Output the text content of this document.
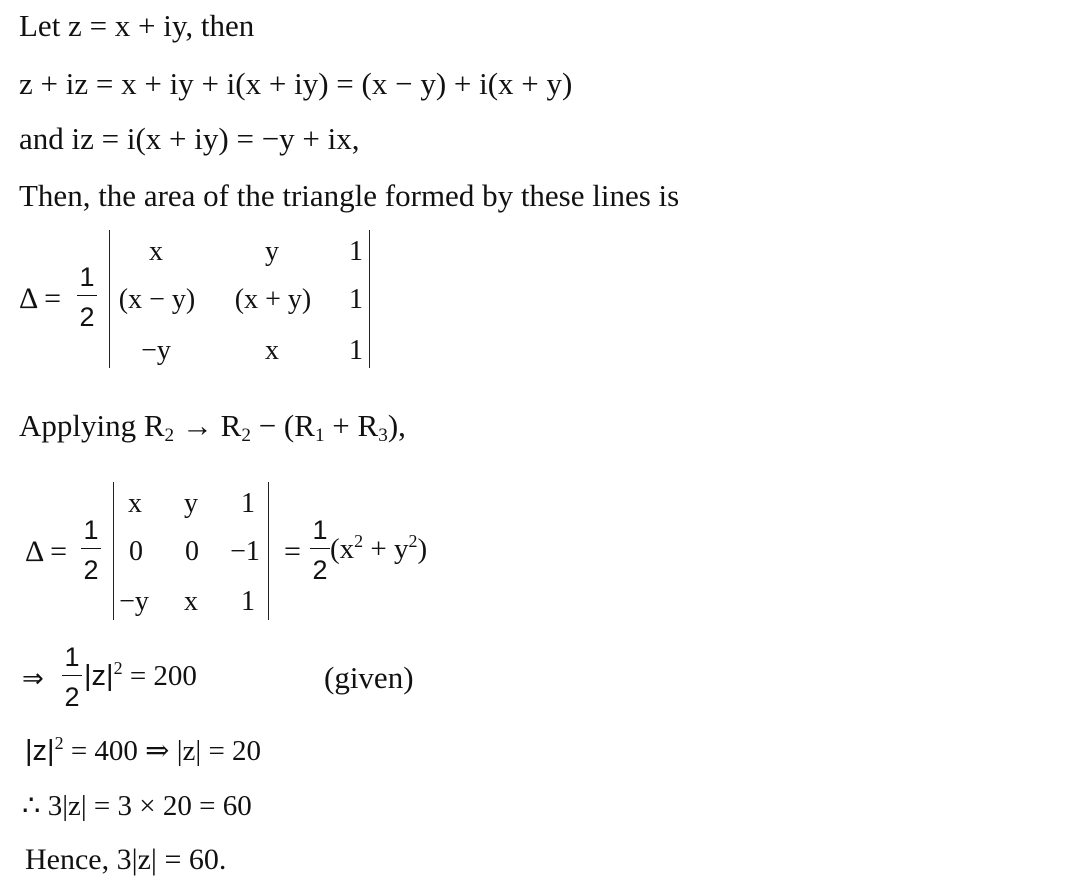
Let z = x + iy, then
z + iz = x + iy + i(x + iy) = (x − y) + i(x + y)
and iz = i(x + iy) = −y + ix,
Then, the area of the triangle formed by these lines is
Δ =
1
2
x	y	1
(x − y) (x + y) 1
−y	x	1
Applying $R_2 \to R_2 - (R_1 + R_3)$,
Δ =
1
2
x y 1
0 0 −1
−y x 1
=
1
2
$(x^2 + y^2)$
⇒
1
2
$|z|^2 = 200$	(given)
$|z|^2 = 400$ ⇒ |z| = 20
∴ 3|z| = 3 × 20 = 60
Hence, 3|z| = 60.
